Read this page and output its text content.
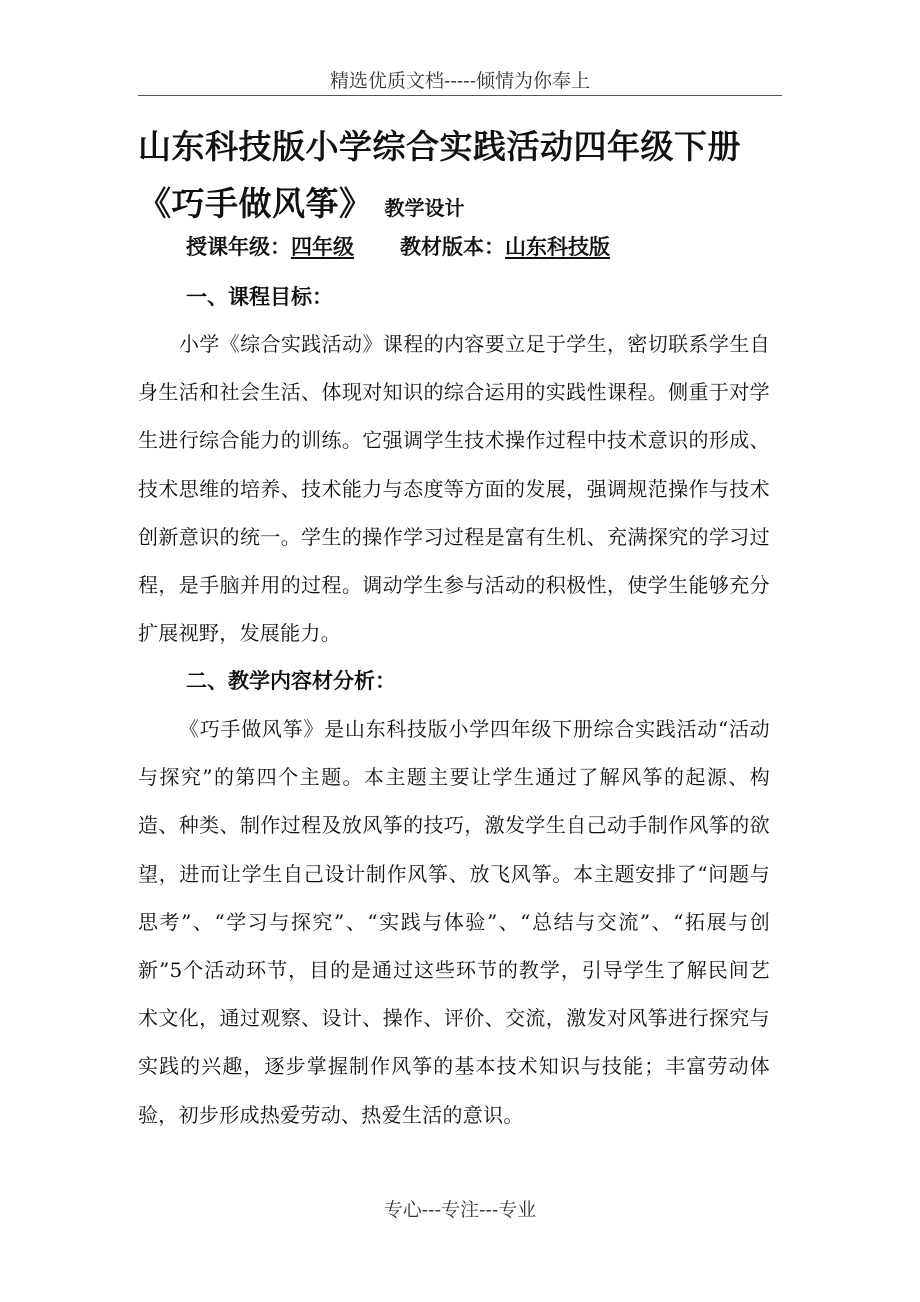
精选优质文档-----倾情为你奉上
山东科技版小学综合实践活动四年级下册《巧手做风筝》 教学设计
授课年级：四年级 教材版本：山东科技版
一、课程目标：

小学《综合实践活动》课程的内容要立足于学生，密切联系学生自身生活和社会生活、体现对知识的综合运用的实践性课程。侧重于对学生进行综合能力的训练。它强调学生技术操作过程中技术意识的形成、技术思维的培养、技术能力与态度等方面的发展，强调规范操作与技术创新意识的统一。学生的操作学习过程是富有生机、充满探究的学习过程，是手脑并用的过程。调动学生参与活动的积极性，使学生能够充分扩展视野，发展能力。

二、教学内容材分析：

《巧手做风筝》是山东科技版小学四年级下册综合实践活动“活动与探究”的第四个主题。本主题主要让学生通过了解风筝的起源、构造、种类、制作过程及放风筝的技巧，激发学生自己动手制作风筝的欲望，进而让学生自己设计制作风筝、放飞风筝。本主题安排了“问题与思考”、“学习与探究”、“实践与体验”、“总结与交流”、“拓展与创新”5个活动环节，目的是通过这些环节的教学，引导学生了解民间艺术文化，通过观察、设计、操作、评价、交流，激发对风筝进行探究与实践的兴趣，逐步掌握制作风筝的基本技术知识与技能；丰富劳动体验，初步形成热爱劳动、热爱生活的意识。

专心---专注---专业
